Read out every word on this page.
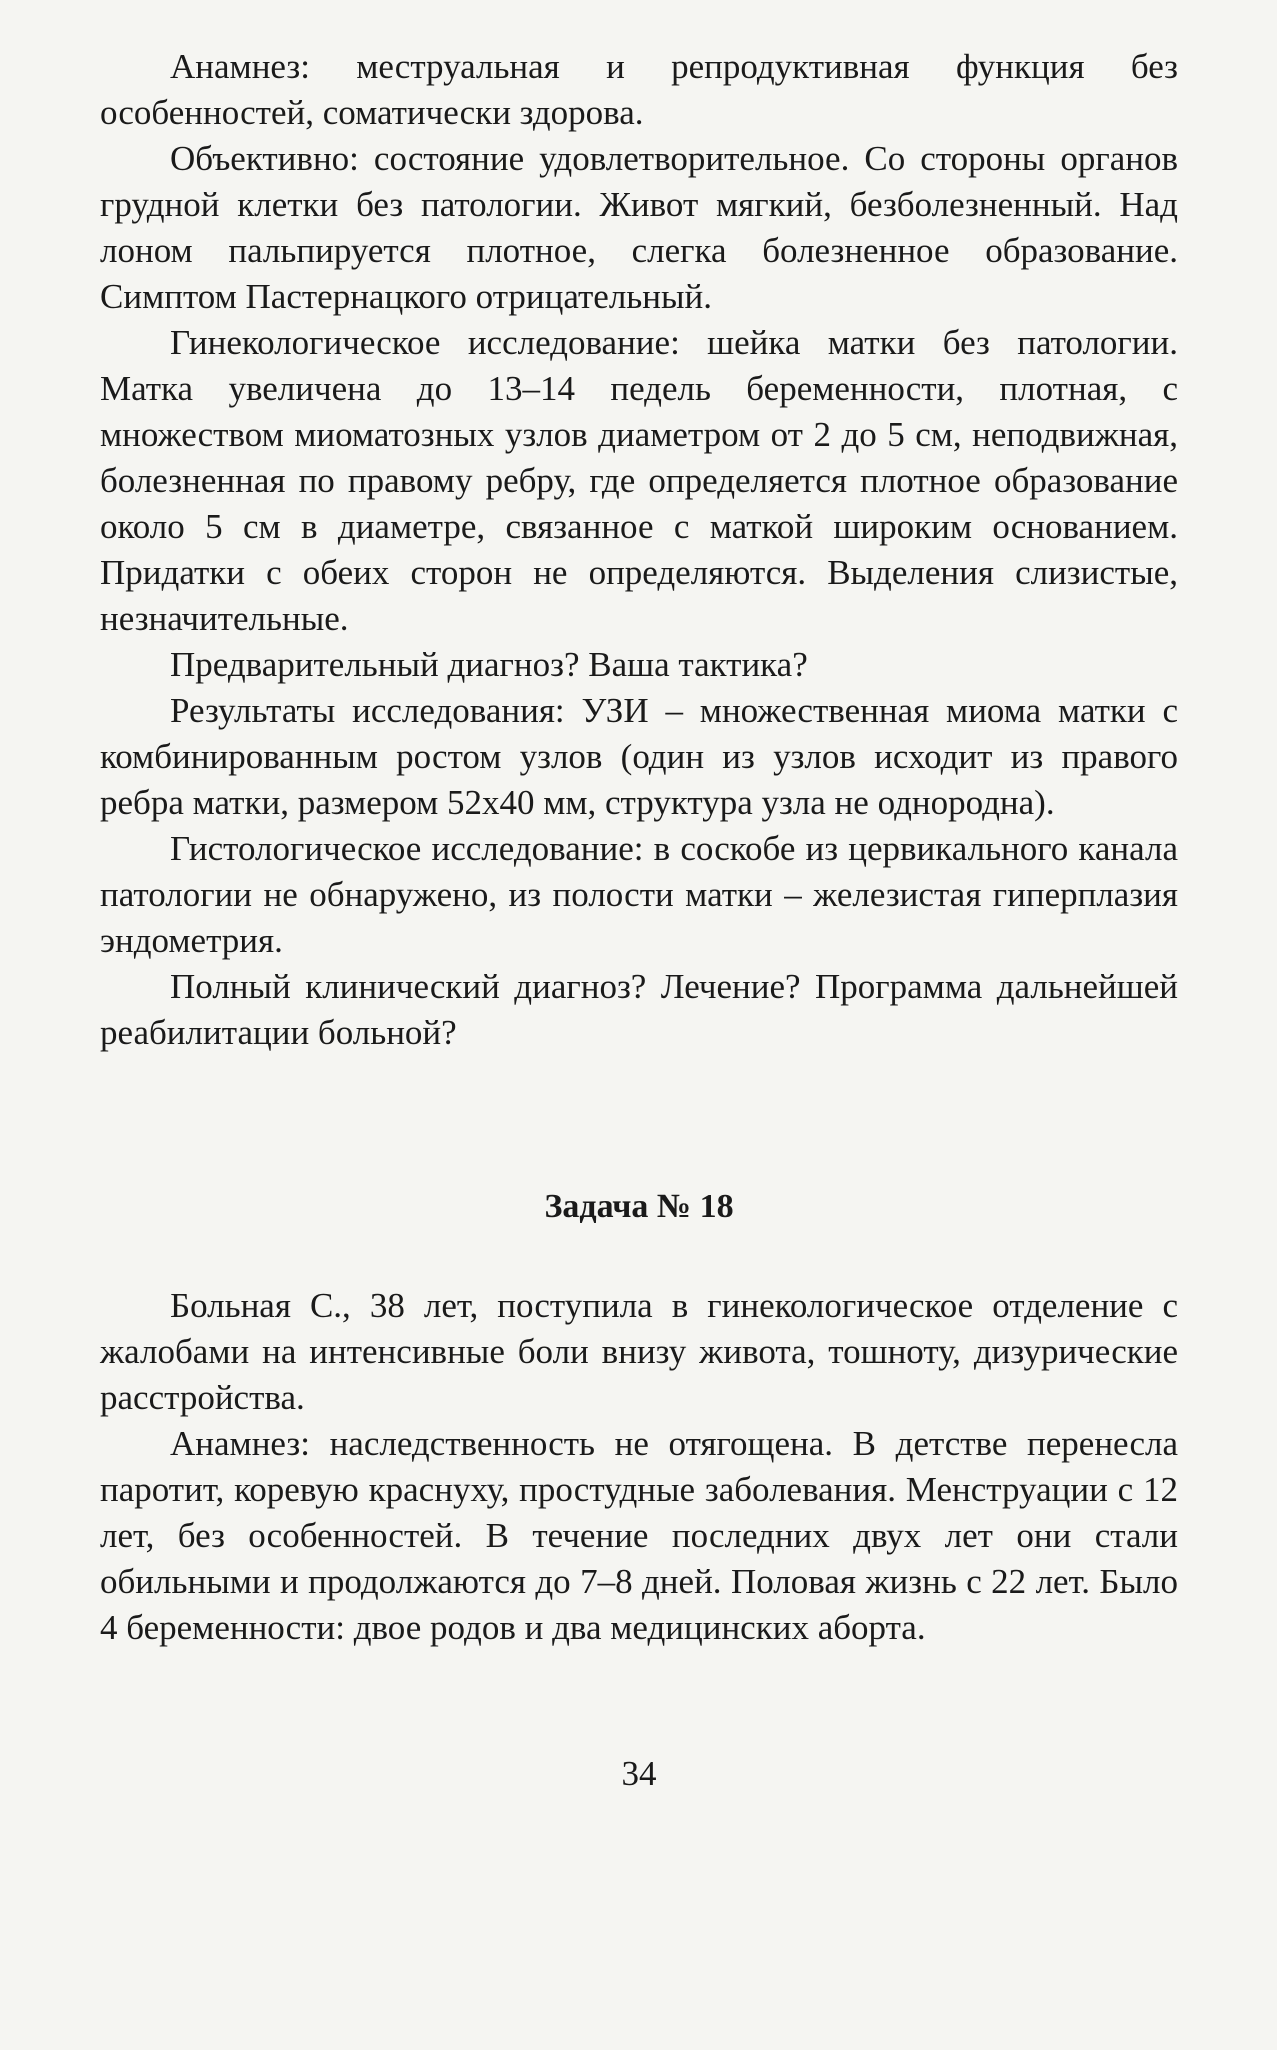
Анамнез: меструальная и репродуктивная функция без особенностей, соматически здорова.

Объективно: состояние удовлетворительное. Со стороны органов грудной клетки без патологии. Живот мягкий, безболезненный. Над лоном пальпируется плотное, слегка болезненное образование. Симптом Пастернацкого отрицательный.

Гинекологическое исследование: шейка матки без патологии. Матка увеличена до 13–14 педель беременности, плотная, с множеством миоматозных узлов диаметром от 2 до 5 см, неподвижная, болезненная по правому ребру, где определяется плотное образование около 5 см в диаметре, связанное с маткой широким основанием. Придатки с обеих сторон не определяются. Выделения слизистые, незначительные.

Предварительный диагноз? Ваша тактика?

Результаты исследования: УЗИ – множественная миома матки с комбинированным ростом узлов (один из узлов исходит из правого ребра матки, размером 52х40 мм, структура узла не однородна).

Гистологическое исследование: в соскобе из цервикального канала патологии не обнаружено, из полости матки – железистая гиперплазия эндометрия.

Полный клинический диагноз? Лечение? Программа дальнейшей реабилитации больной?

Задача № 18

Больная С., 38 лет, поступила в гинекологическое отделение с жалобами на интенсивные боли внизу живота, тошноту, дизурические расстройства.

Анамнез: наследственность не отягощена. В детстве перенесла паротит, коревую краснуху, простудные заболевания. Менструации с 12 лет, без особенностей. В течение последних двух лет они стали обильными и продолжаются до 7–8 дней. Половая жизнь с 22 лет. Было 4 беременности: двое родов и два медицинских аборта.

34
